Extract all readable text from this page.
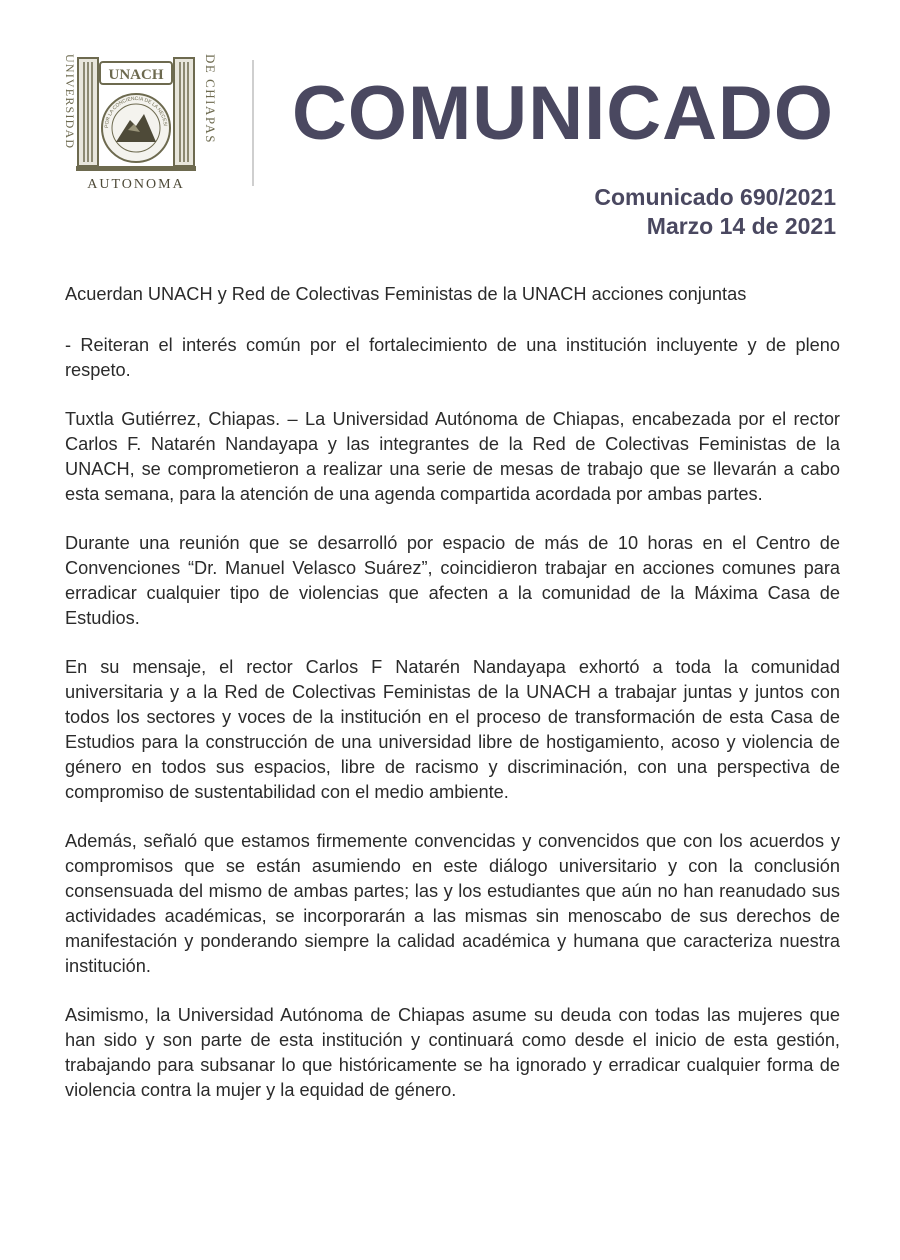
UNIVERSIDAD	DE CHIAPAS
UNACH
POR LA CONCIENCIA DE LA NECESI
AUTONOMA
COMUNICADO
Comunicado 690/2021
Marzo 14 de 2021

Acuerdan UNACH y Red de Colectivas Feministas de la UNACH acciones conjuntas

- Reiteran el interés común por el fortalecimiento de una institución incluyente y de pleno respeto.

Tuxtla Gutiérrez, Chiapas. – La Universidad Autónoma de Chiapas, encabezada por el rector Carlos F. Natarén Nandayapa y las integrantes de la Red de Colectivas Feministas de la UNACH, se comprometieron a realizar una serie de mesas de trabajo que se llevarán a cabo esta semana, para la atención de una agenda compartida acordada por ambas partes.

Durante una reunión que se desarrolló por espacio de más de 10 horas en el Centro de Convenciones “Dr. Manuel Velasco Suárez”, coincidieron trabajar en acciones comunes para erradicar cualquier tipo de violencias que afecten a la comunidad de la Máxima Casa de Estudios.

En su mensaje, el rector Carlos F Natarén Nandayapa exhortó a toda la comunidad universitaria y a la Red de Colectivas Feministas de la UNACH a trabajar juntas y juntos con todos los sectores y voces de la institución en el proceso de transformación de esta Casa de Estudios para la construcción de una universidad libre de hostigamiento, acoso y violencia de género en todos sus espacios, libre de racismo y discriminación, con una perspectiva de compromiso de sustentabilidad con el medio ambiente.

Además, señaló que estamos firmemente convencidas y convencidos que con los acuerdos y compromisos que se están asumiendo en este diálogo universitario y con la conclusión consensuada del mismo de ambas partes; las y los estudiantes que aún no han reanudado sus actividades académicas, se incorporarán a las mismas sin menoscabo de sus derechos de manifestación y ponderando siempre la calidad académica y humana que caracteriza nuestra institución.

Asimismo, la Universidad Autónoma de Chiapas asume su deuda con todas las mujeres que han sido y son parte de esta institución y continuará como desde el inicio de esta gestión, trabajando para subsanar lo que históricamente se ha ignorado y erradicar cualquier forma de violencia contra la mujer y la equidad de género.
